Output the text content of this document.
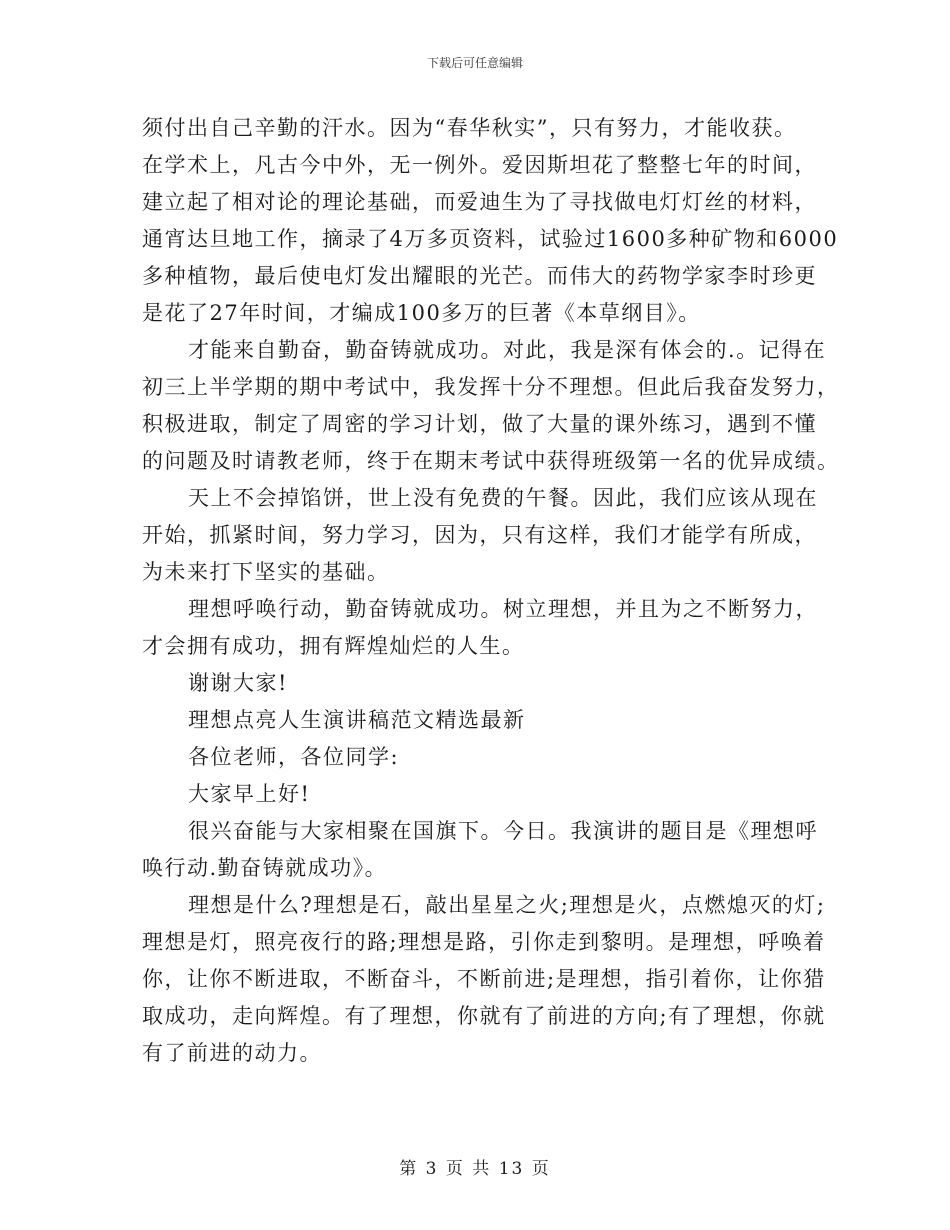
下载后可任意编辑
须付出自己辛勤的汗水。因为“春华秋实”，只有努力，才能收获。
在学术上，凡古今中外，无一例外。爱因斯坦花了整整七年的时间，
建立起了相对论的理论基础，而爱迪生为了寻找做电灯灯丝的材料，
通宵达旦地工作，摘录了4万多页资料，试验过1600多种矿物和6000
多种植物，最后使电灯发出耀眼的光芒。而伟大的药物学家李时珍更
是花了27年时间，才编成100多万的巨著《本草纲目》。
才能来自勤奋，勤奋铸就成功。对此，我是深有体会的.。记得在
初三上半学期的期中考试中，我发挥十分不理想。但此后我奋发努力，
积极进取，制定了周密的学习计划，做了大量的课外练习，遇到不懂
的问题及时请教老师，终于在期末考试中获得班级第一名的优异成绩。
天上不会掉馅饼，世上没有免费的午餐。因此，我们应该从现在
开始，抓紧时间，努力学习，因为，只有这样，我们才能学有所成，
为未来打下坚实的基础。
理想呼唤行动，勤奋铸就成功。树立理想，并且为之不断努力，
才会拥有成功，拥有辉煌灿烂的人生。
谢谢大家!
理想点亮人生演讲稿范文精选最新
各位老师，各位同学:
大家早上好!
很兴奋能与大家相聚在国旗下。今日。我演讲的题目是《理想呼
唤行动.勤奋铸就成功》。
理想是什么?理想是石，敲出星星之火;理想是火，点燃熄灭的灯;
理想是灯，照亮夜行的路;理想是路，引你走到黎明。是理想，呼唤着
你，让你不断进取，不断奋斗，不断前进;是理想，指引着你，让你猎
取成功，走向辉煌。有了理想，你就有了前进的方向;有了理想，你就
有了前进的动力。
第 3 页 共 13 页
